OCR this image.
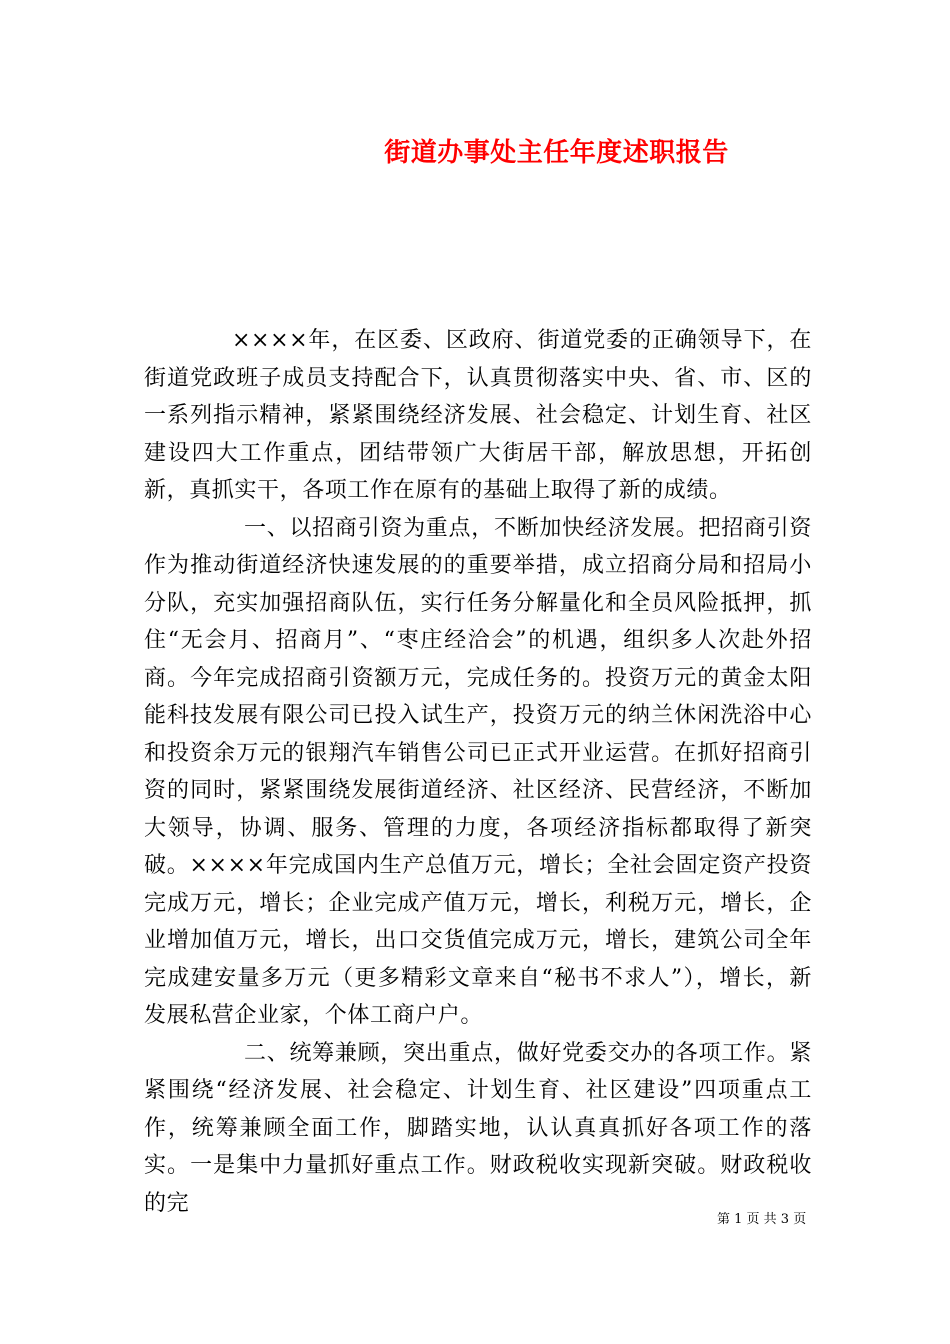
街道办事处主任年度述职报告

××××年，在区委、区政府、街道党委的正确领导下，在街道党政班子成员支持配合下，认真贯彻落实中央、省、市、区的一系列指示精神，紧紧围绕经济发展、社会稳定、计划生育、社区建设四大工作重点，团结带领广大街居干部，解放思想，开拓创新，真抓实干，各项工作在原有的基础上取得了新的成绩。

一、以招商引资为重点，不断加快经济发展。把招商引资作为推动街道经济快速发展的的重要举措，成立招商分局和招局小分队，充实加强招商队伍，实行任务分解量化和全员风险抵押，抓住“无会月、招商月”、“枣庄经洽会”的机遇，组织多人次赴外招商。今年完成招商引资额万元，完成任务的。投资万元的黄金太阳能科技发展有限公司已投入试生产，投资万元的纳兰休闲洗浴中心和投资余万元的银翔汽车销售公司已正式开业运营。在抓好招商引资的同时，紧紧围绕发展街道经济、社区经济、民营经济，不断加大领导，协调、服务、管理的力度，各项经济指标都取得了新突破。××××年完成国内生产总值万元，增长；全社会固定资产投资完成万元，增长；企业完成产值万元，增长，利税万元，增长，企业增加值万元，增长，出口交货值完成万元，增长，建筑公司全年完成建安量多万元（更多精彩文章来自“秘书不求人”），增长，新发展私营企业家，个体工商户户。

二、统筹兼顾，突出重点，做好党委交办的各项工作。紧紧围绕“经济发展、社会稳定、计划生育、社区建设”四项重点工作，统筹兼顾全面工作，脚踏实地，认认真真抓好各项工作的落实。一是集中力量抓好重点工作。财政税收实现新突破。财政税收的完

第 1 页 共 3 页
